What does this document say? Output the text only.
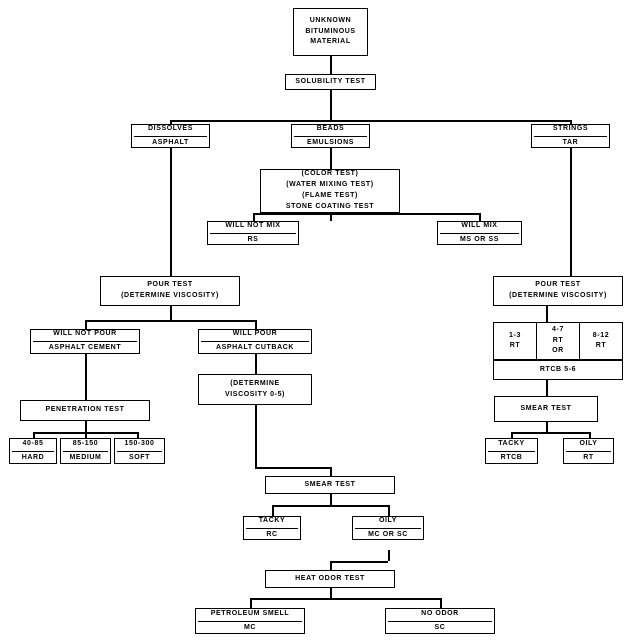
UNKNOWN
BITUMINOUS
MATERIAL
SOLUBILITY TEST
DISSOLVES
ASPHALT
BEADS
EMULSIONS
STRINGS
TAR
(COLOR TEST)
(WATER MIXING TEST)
(FLAME TEST)
STONE COATING TEST
WILL NOT MIX
RS
WILL MIX
MS OR SS
POUR TEST
(DETERMINE VISCOSITY)
WILL NOT POUR
ASPHALT CEMENT
WILL POUR
ASPHALT CUTBACK
PENETRATION TEST
40-85
HARD
85-150
MEDIUM
150-300
SOFT
(DETERMINE
VISCOSITY 0-5)
SMEAR TEST
TACKY
RC
OILY
MC OR SC
HEAT ODOR TEST
PETROLEUM SMELL
MC
NO ODOR
SC
POUR TEST
(DETERMINE VISCOSITY)
1-3
RT
4-7
RT
OR
8-12
RT
RTCB 5-6
SMEAR TEST
TACKY
RTCB
OILY
RT
